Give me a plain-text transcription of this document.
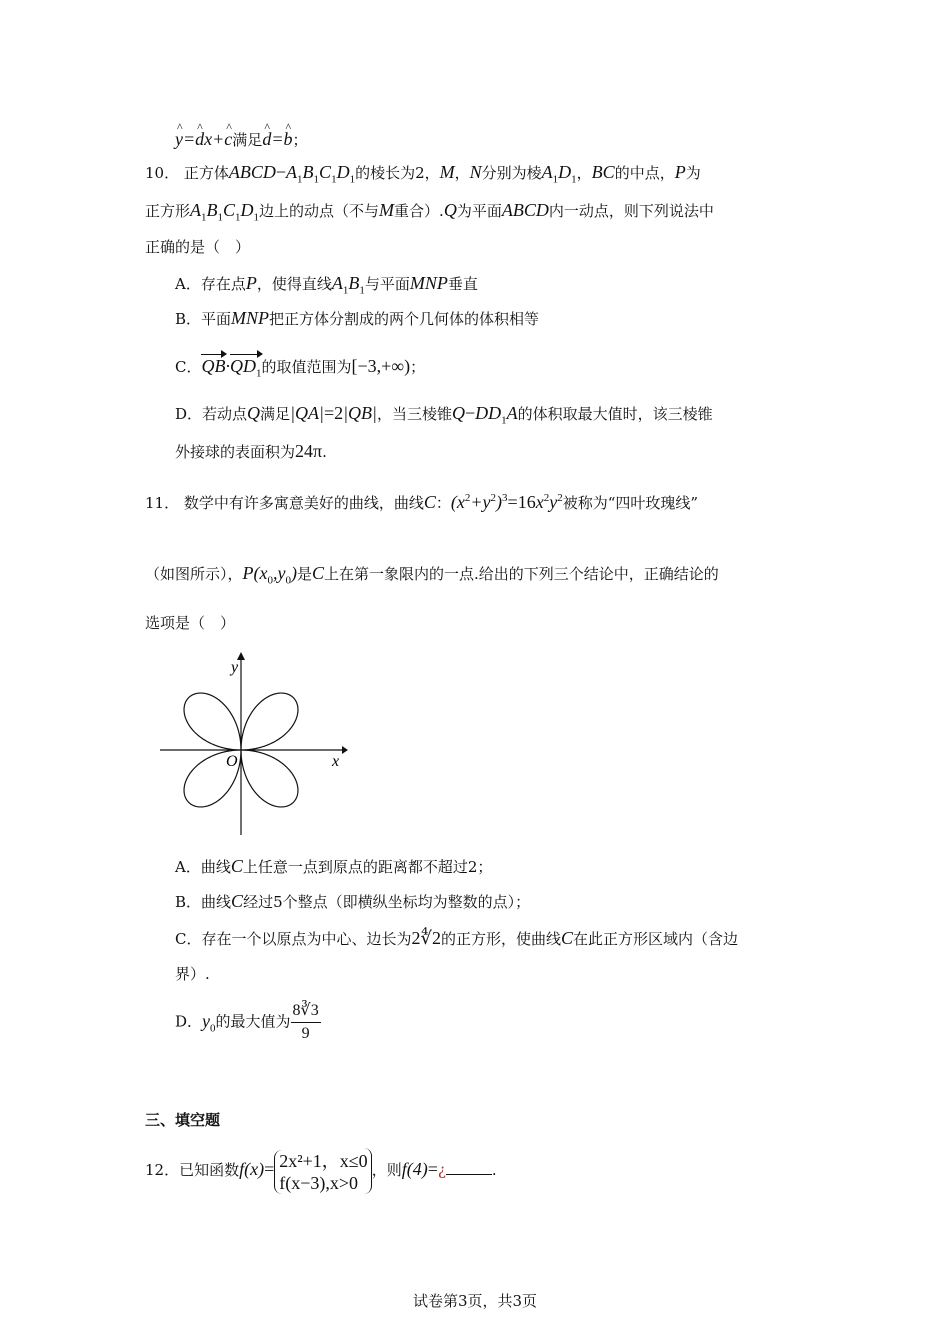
^ y=^ dx+^ c满足^ d=^ b；
10． 正方体$ABCD-A_1B_1C_1D_1$的棱长为2，M，N分别为棱$A_1D_1$，BC的中点，P为
正方形$A_1B_1C_1D_1$边上的动点（不与M重合）.Q为平面ABCD内一动点，则下列说法中
正确的是（　）
A．存在点P，使得直线$A_1B_1$与平面MNP垂直
B．平面MNP把正方体分割成的两个几何体的体积相等
C．$QB\cdot QD_1$的取值范围为[−3,+∞)；
D．若动点Q满足|QA|=2|QB|，当三棱锥$Q-DD_1A$的体积取最大值时，该三棱锥
外接球的表面积为24π.
11． 数学中有许多寓意美好的曲线，曲线C：$(x^2+y^2)^3=16x^2y^2$被称为“四叶玫瑰线”
（如图所示），$P(x_0,y_0)$是C上在第一象限内的一点.给出的下列三个结论中，正确结论的
选项是（　）
y
x
O
A．曲线C上任意一点到原点的距离都不超过2；
B．曲线C经过5个整点（即横纵坐标均为整数的点）；
C．存在一个以原点为中心、边长为2∜2的正方形，使曲线C在此正方形区域内（含边
界）.
D．$y_0$的最大值为 $\frac{8∛3}{9}$
三、填空题
12．已知函数f(x)= 2x²+1，x≤0
f(x−3),x>0
，则f(4)=¿	.
试卷第3页，共3页
